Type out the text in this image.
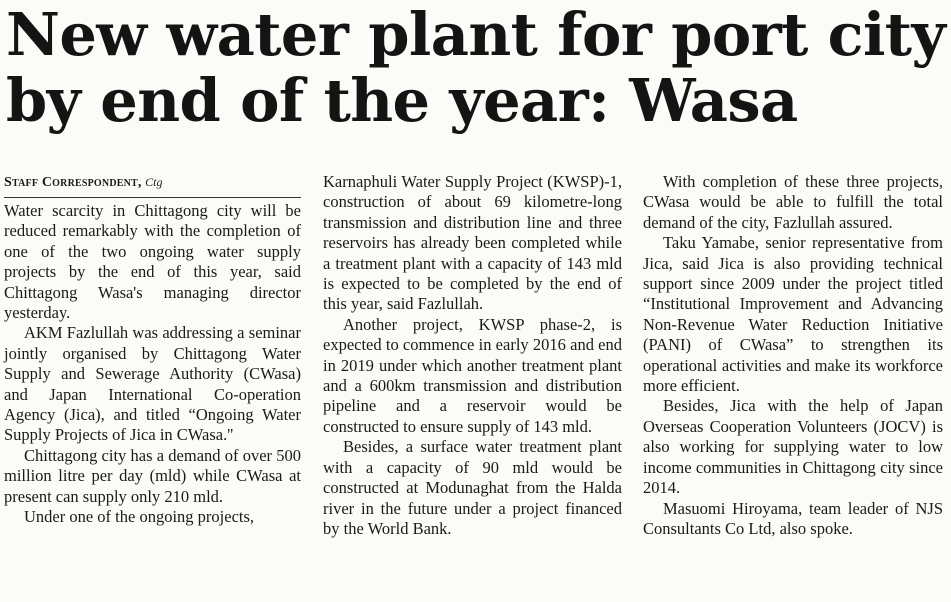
New water plant for port city by end of the year: Wasa
Staff Correspondent, Ctg

Water scarcity in Chittagong city will be reduced remarkably with the completion of one of the two ongoing water supply projects by the end of this year, said Chittagong Wasa's managing director yesterday.

AKM Fazlullah was addressing a seminar jointly organised by Chittagong Water Supply and Sewerage Authority (CWasa) and Japan International Co-operation Agency (Jica), and titled “Ongoing Water Supply Projects of Jica in CWasa.''

Chittagong city has a demand of over 500 million litre per day (mld) while CWasa at present can supply only 210 mld.

Under one of the ongoing projects,

Karnaphuli Water Supply Project (KWSP)-1, construction of about 69 kilometre-long transmission and distribution line and three reservoirs has already been completed while a treatment plant with a capacity of 143 mld is expected to be completed by the end of this year, said Fazlullah.

Another project, KWSP phase-2, is expected to commence in early 2016 and end in 2019 under which another treatment plant and a 600km transmission and distribution pipeline and a reservoir would be constructed to ensure supply of 143 mld.

Besides, a surface water treatment plant with a capacity of 90 mld would be constructed at Modunaghat from the Halda river in the future under a project financed by the World Bank.

With completion of these three projects, CWasa would be able to fulfill the total demand of the city, Fazlullah assured.

Taku Yamabe, senior representative from Jica, said Jica is also providing technical support since 2009 under the project titled “Institutional Improvement and Advancing Non-Revenue Water Reduction Initiative (PANI) of CWasa” to strengthen its operational activities and make its workforce more efficient.

Besides, Jica with the help of Japan Overseas Cooperation Volunteers (JOCV) is also working for supplying water to low income communities in Chittagong city since 2014.

Masuomi Hiroyama, team leader of NJS Consultants Co Ltd, also spoke.
